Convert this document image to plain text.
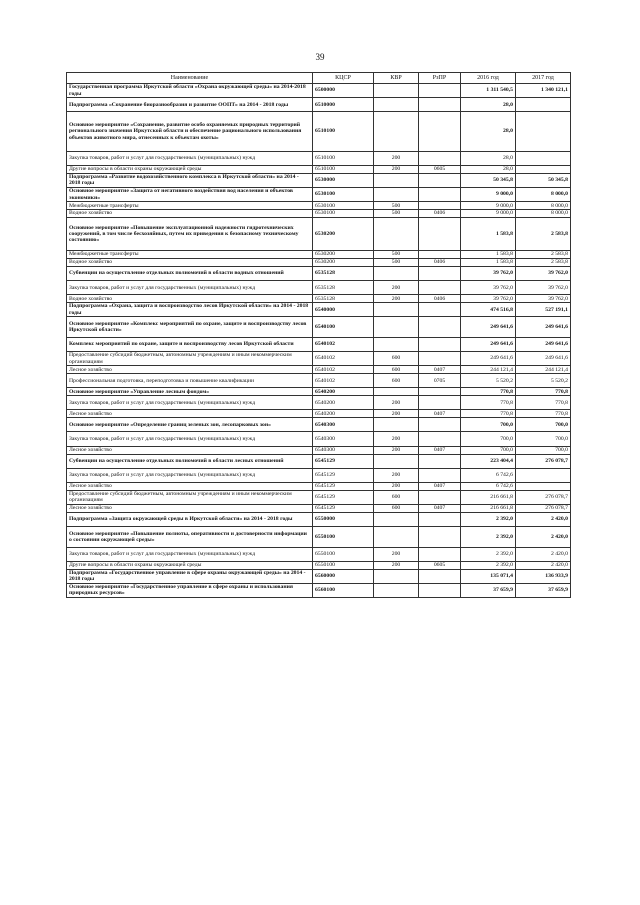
39
Наименование	КЦСР	КВР	РзПР	2016 год	2017 год
Государственная программа Иркутской области «Охрана окружающей среды» на 2014-2018 годы	6500000			1 311 540,5	1 340 121,1
Подпрограмма «Сохранение биоразнообразия и развитие ООПТ» на 2014 - 2018 годы	6510000			28,0	
Основное мероприятие «Сохранение, развитие особо охраняемых природных территорий регионального значения Иркутской области и обеспечение рационального использования объектов животного мира, отнесенных к объектам охоты»	6510100			28,0	
Закупка товаров, работ и услуг для государственных (муниципальных) нужд	6510100	200		28,0	
Другие вопросы в области охраны окружающей среды	6510100	200	0605	28,0	
Подпрограмма «Развитие водохозяйственного комплекса в Иркутской области» на 2014 - 2018 годы	6530000			50 345,8	50 345,8
Основное мероприятие «Защита от негативного воздействия вод населения и объектов экономики»	6530100			9 000,0	8 000,0
Межбюджетные трансферты	6530100	500		9 000,0	8 000,0
Водное хозяйство	6530100	500	0406	9 000,0	8 000,0
Основное мероприятие «Повышение эксплуатационной надежности гидротехнических сооружений, в том числе бесхозяйных, путем их приведения к безопасному техническому состоянию»	6530200			1 583,8	2 583,8
Межбюджетные трансферты	6530200	500		1 583,8	2 583,8
Водное хозяйство	6530200	500	0406	1 583,8	2 583,8
Субвенции на осуществление отдельных полномочий в области водных отношений	6535128			39 762,0	39 762,0
Закупка товаров, работ и услуг для государственных (муниципальных) нужд	6535128	200		39 762,0	39 762,0
Водное хозяйство	6535128	200	0406	39 762,0	39 762,0
Подпрограмма «Охрана, защита и воспроизводство лесов Иркутской области» на 2014 - 2018 годы	6540000			474 516,8	527 191,1
Основное мероприятие «Комплекс мероприятий по охране, защите и воспроизводству лесов Иркутской области»	6540100			249 641,6	249 641,6
Комплекс мероприятий по охране, защите и воспроизводству лесов Иркутской области	6540102			249 641,6	249 641,6
Предоставление субсидий бюджетным, автономным учреждениям и иным некоммерческим организациям	6540102	600		249 641,6	249 641,6
Лесное хозяйство	6540102	600	0407	244 121,4	244 121,4
Профессиональная подготовка, переподготовка и повышение квалификации	6540102	600	0705	5 520,2	5 520,2
Основное мероприятие «Управление лесным фондом»	6540200			770,8	770,8
Закупка товаров, работ и услуг для государственных (муниципальных) нужд	6540200	200		770,8	770,8
Лесное хозяйство	6540200	200	0407	770,8	770,8
Основное мероприятие «Определение границ зеленых зон, лесопарковых зон»	6540300			700,0	700,0
Закупка товаров, работ и услуг для государственных (муниципальных) нужд	6540300	200		700,0	700,0
Лесное хозяйство	6540300	200	0407	700,0	700,0
Субвенции на осуществление отдельных полномочий в области лесных отношений	6545129			223 404,4	276 078,7
Закупка товаров, работ и услуг для государственных (муниципальных) нужд	6545129	200		6 742,6	
Лесное хозяйство	6545129	200	0407	6 742,6	
Предоставление субсидий бюджетным, автономным учреждениям и иным некоммерческим организациям	6545129	600		216 661,8	276 078,7
Лесное хозяйство	6545129	600	0407	216 661,8	276 078,7
Подпрограмма «Защита окружающей среды в Иркутской области» на 2014 - 2018 годы	6550000			2 392,0	2 420,0
Основное мероприятие «Повышение полноты, оперативности и достоверности информации о состоянии окружающей среды»	6550100			2 392,0	2 420,0
Закупка товаров, работ и услуг для государственных (муниципальных) нужд	6550100	200		2 392,0	2 420,0
Другие вопросы в области охраны окружающей среды	6550100	200	0605	2 392,0	2 420,0
Подпрограмма «Государственное управление в сфере охраны окружающей среды» на 2014 - 2018 годы	6560000			135 071,4	136 933,9
Основное мероприятие «Государственное управление в сфере охраны и использования природных ресурсов»	6560100			37 659,9	37 659,9
